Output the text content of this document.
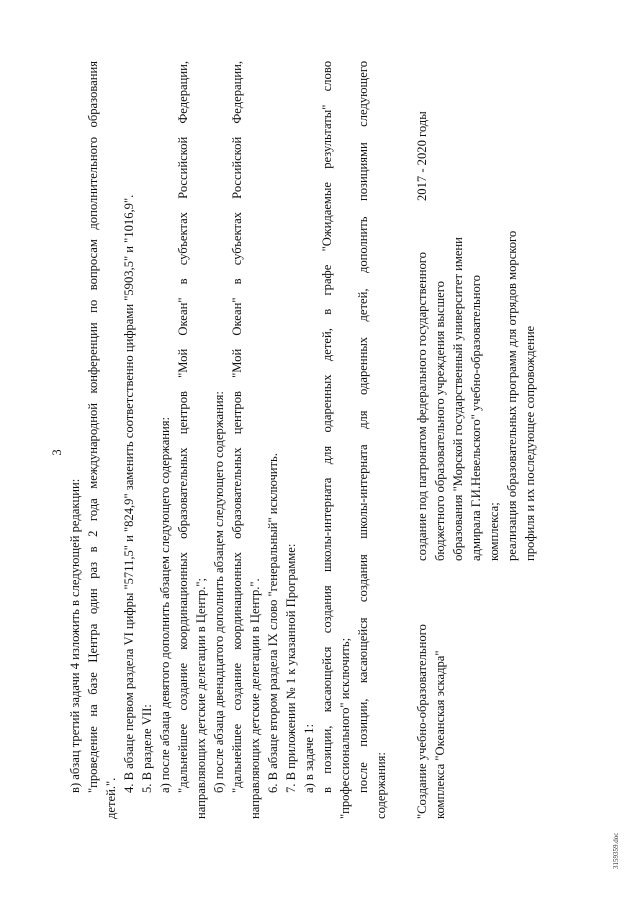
3
в) абзац третий задачи 4 изложить в следующей редакции: "проведение на базе Центра один раз в 2 года международной конференции по вопросам дополнительного образования
детей.".
4. В абзаце первом раздела VI цифры "5711,5" и "824,9" заменить соответственно цифрами "5903,5" и "1016,9". 5. В разделе VII: а) после абзаца девятого дополнить абзацем следующего содержания: "дальнейшее создание координационных образовательных центров "Мой Океан" в субъектах Российской Федерации, направляющих детские делегации в Центр."; б) после абзаца двенадцатого дополнить абзацем следующего содержания: "дальнейшее создание координационных образовательных центров "Мой Океан" в субъектах Российской Федерации, направляющих детские делегации в Центр.". 6. В абзаце втором раздела IX слово "генеральный" исключить. 7. В приложении № 1 к указанной Программе: а) в задаче 1: в позиции, касающейся создания школы-интерната для одаренных детей, в графе "Ожидаемые результаты" слово "профессионального" исключить; после позиции, касающейся создания школы-интерната для одаренных детей, дополнить позициями следующего содержания: "Создание учебно-образовательного комплекса "Океанская эскадра"
создание под патронатом федерального государственного бюджетного образовательного учреждения высшего образования "Морской государственный университет имени адмирала Г.И.Невельского" учебно-образовательного комплекса; реализация образовательных программ для отрядов морского профиля и их последующее сопровождение
2017 - 2020 годы
3159359.doc
